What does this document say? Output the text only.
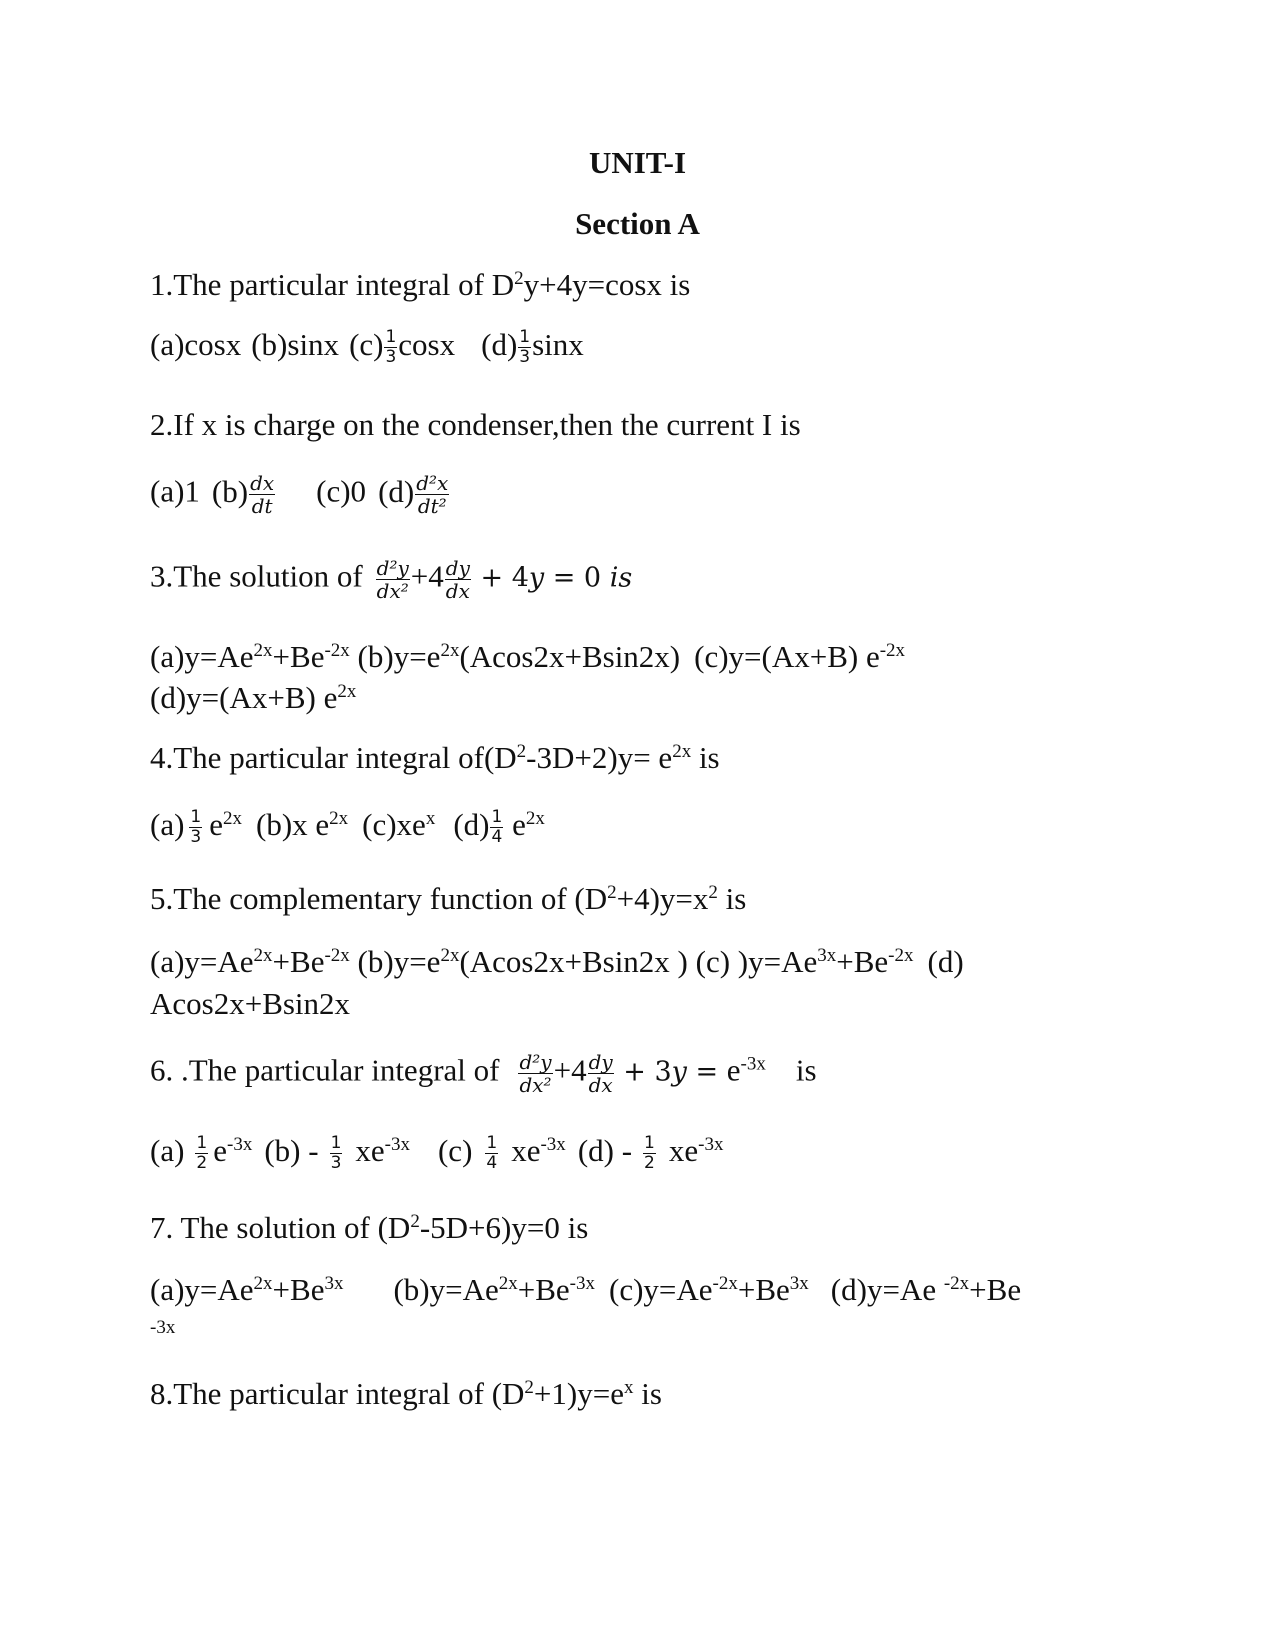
UNIT-I
Section A
1.The particular integral of $D^2y+4y=\cos x$ is
(a)cosx (b)sinx $(c) \frac{1}{3}$ cosx $(d) \frac{1}{3}$ sinx
2.If x is charge on the condenser,then the current I is
(a)1 $(b) \frac{dx}{dt} (c)0$ $(d) \frac{\text{d²x}}{\text{dt²}}$
3.The solution of $\frac{\text{d²y}}{\text{dx²}} +4 \frac{dy}{dx} + 4y = 0$ is
$(a)y=Ae^{2x}+Be^{-2x}$ $(b)y=e^{2x}(Acos2x+Bsin2x)$ (c)y=(Ax+B) $e^{-2x}$
(d)y=(Ax+B) $e^{2x}$
4.The particular integral $of(D^2-3D+2)y= e^{2x}$ is
$(a) \frac{1}{3} e^{2x}$ (b)x $e^{2x}$ $(c)xe^x$ $(d) \frac{1}{4} e^{2x}$
5.The complementary function of $(D^2+4)y=x^2$ is
$(a)y=Ae^{2x}+Be^{-2x}$ $(b)y=e^{2x}(Acos2x+Bsin2x$ ) (c) )$y=Ae^{3x}+Be^{-2x}$ (d)
Acos2x+Bsin2x
6. .The particular integral of $\frac{\text{d²y}}{\text{dx²}} +4 \frac{dy}{dx} + 3y = e^{-3x}$ is
$(a) \frac{1}{2} e^{-3x}$ $(b) - \frac{1}{3} xe^{-3x}$ $(c) \frac{1}{4} xe^{-3x}$ $(d) - \frac{1}{2} xe^{-3x}$
7. The solution of $(D^2-5D+6)y=0$ is
$(a)y=Ae^{2x}+Be^{3x}$ $(b)y=Ae^{2x}+Be^{-3x}$ $(c)y=Ae^{-2x}+Be^{3x}$ (d)y=Ae $^{-2x}$+Be
-3x
8.The particular integral of $(D^2+1)y=e^x$ is
